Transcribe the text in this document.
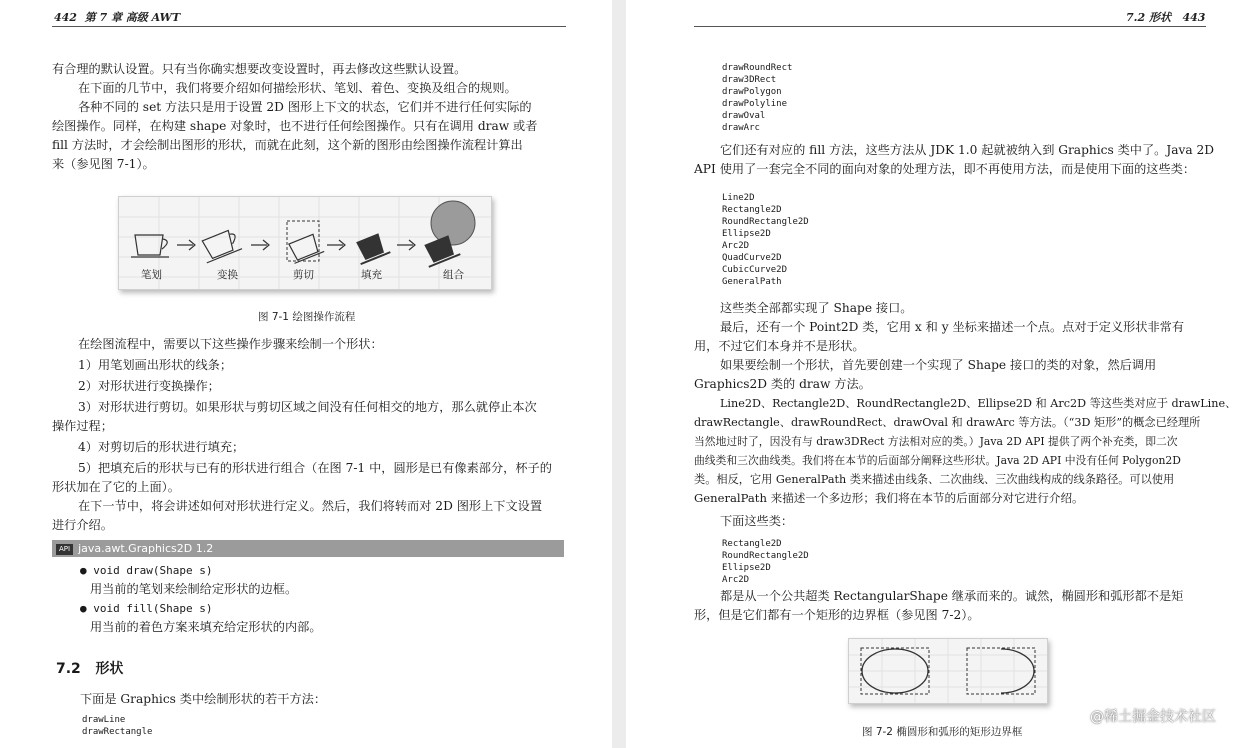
442 第 7 章 高级 AWT
有合理的默认设置。只有当你确实想要改变设置时，再去修改这些默认设置。
在下面的几节中，我们将要介绍如何描绘形状、笔划、着色、变换及组合的规则。
各种不同的 set 方法只是用于设置 2D 图形上下文的状态，它们并不进行任何实际的
绘图操作。同样，在构建 shape 对象时，也不进行任何绘图操作。只有在调用 draw 或者
fill 方法时，才会绘制出图形的形状，而就在此刻，这个新的图形由绘图操作流程计算出
来（参见图 7-1）。
笔划	变换	剪切	填充	组合
图 7-1 绘图操作流程
在绘图流程中，需要以下这些操作步骤来绘制一个形状：
1）用笔划画出形状的线条；
2）对形状进行变换操作；
3）对形状进行剪切。如果形状与剪切区域之间没有任何相交的地方，那么就停止本次
操作过程；
4）对剪切后的形状进行填充；
5）把填充后的形状与已有的形状进行组合（在图 7-1 中，圆形是已有像素部分，杯子的
形状加在了它的上面）。
在下一节中，将会讲述如何对形状进行定义。然后，我们将转而对 2D 图形上下文设置
进行介绍。
API java.awt.Graphics2D 1.2
● void draw(Shape s)
用当前的笔划来绘制给定形状的边框。
● void fill(Shape s)
用当前的着色方案来填充给定形状的内部。
7.2 形状
下面是 Graphics 类中绘制形状的若干方法：
drawLine
drawRectangle
7.2 形状 443
drawRoundRect
draw3DRect
drawPolygon
drawPolyline
drawOval
drawArc
它们还有对应的 fill 方法，这些方法从 JDK 1.0 起就被纳入到 Graphics 类中了。Java 2D
API 使用了一套完全不同的面向对象的处理方法，即不再使用方法，而是使用下面的这些类：
Line2D
Rectangle2D
RoundRectangle2D
Ellipse2D
Arc2D
QuadCurve2D
CubicCurve2D
GeneralPath
这些类全部都实现了 Shape 接口。
最后，还有一个 Point2D 类，它用 x 和 y 坐标来描述一个点。点对于定义形状非常有
用，不过它们本身并不是形状。
如果要绘制一个形状，首先要创建一个实现了 Shape 接口的类的对象，然后调用
Graphics2D 类的 draw 方法。
Line2D、Rectangle2D、RoundRectangle2D、Ellipse2D 和 Arc2D 等这些类对应于 drawLine、
drawRectangle、drawRoundRect、drawOval 和 drawArc 等方法。（“3D 矩形”的概念已经理所
当然地过时了，因没有与 draw3DRect 方法相对应的类。）Java 2D API 提供了两个补充类，即二次
曲线类和三次曲线类。我们将在本节的后面部分阐释这些形状。Java 2D API 中没有任何 Polygon2D
类。相反，它用 GeneralPath 类来描述由线条、二次曲线、三次曲线构成的线条路径。可以使用
GeneralPath 来描述一个多边形；我们将在本节的后面部分对它进行介绍。
下面这些类：
Rectangle2D
RoundRectangle2D
Ellipse2D
Arc2D
都是从一个公共超类 RectangularShape 继承而来的。诚然，椭圆形和弧形都不是矩
形，但是它们都有一个矩形的边界框（参见图 7-2）。
图 7-2 椭圆形和弧形的矩形边界框
@稀土掘金技术社区
